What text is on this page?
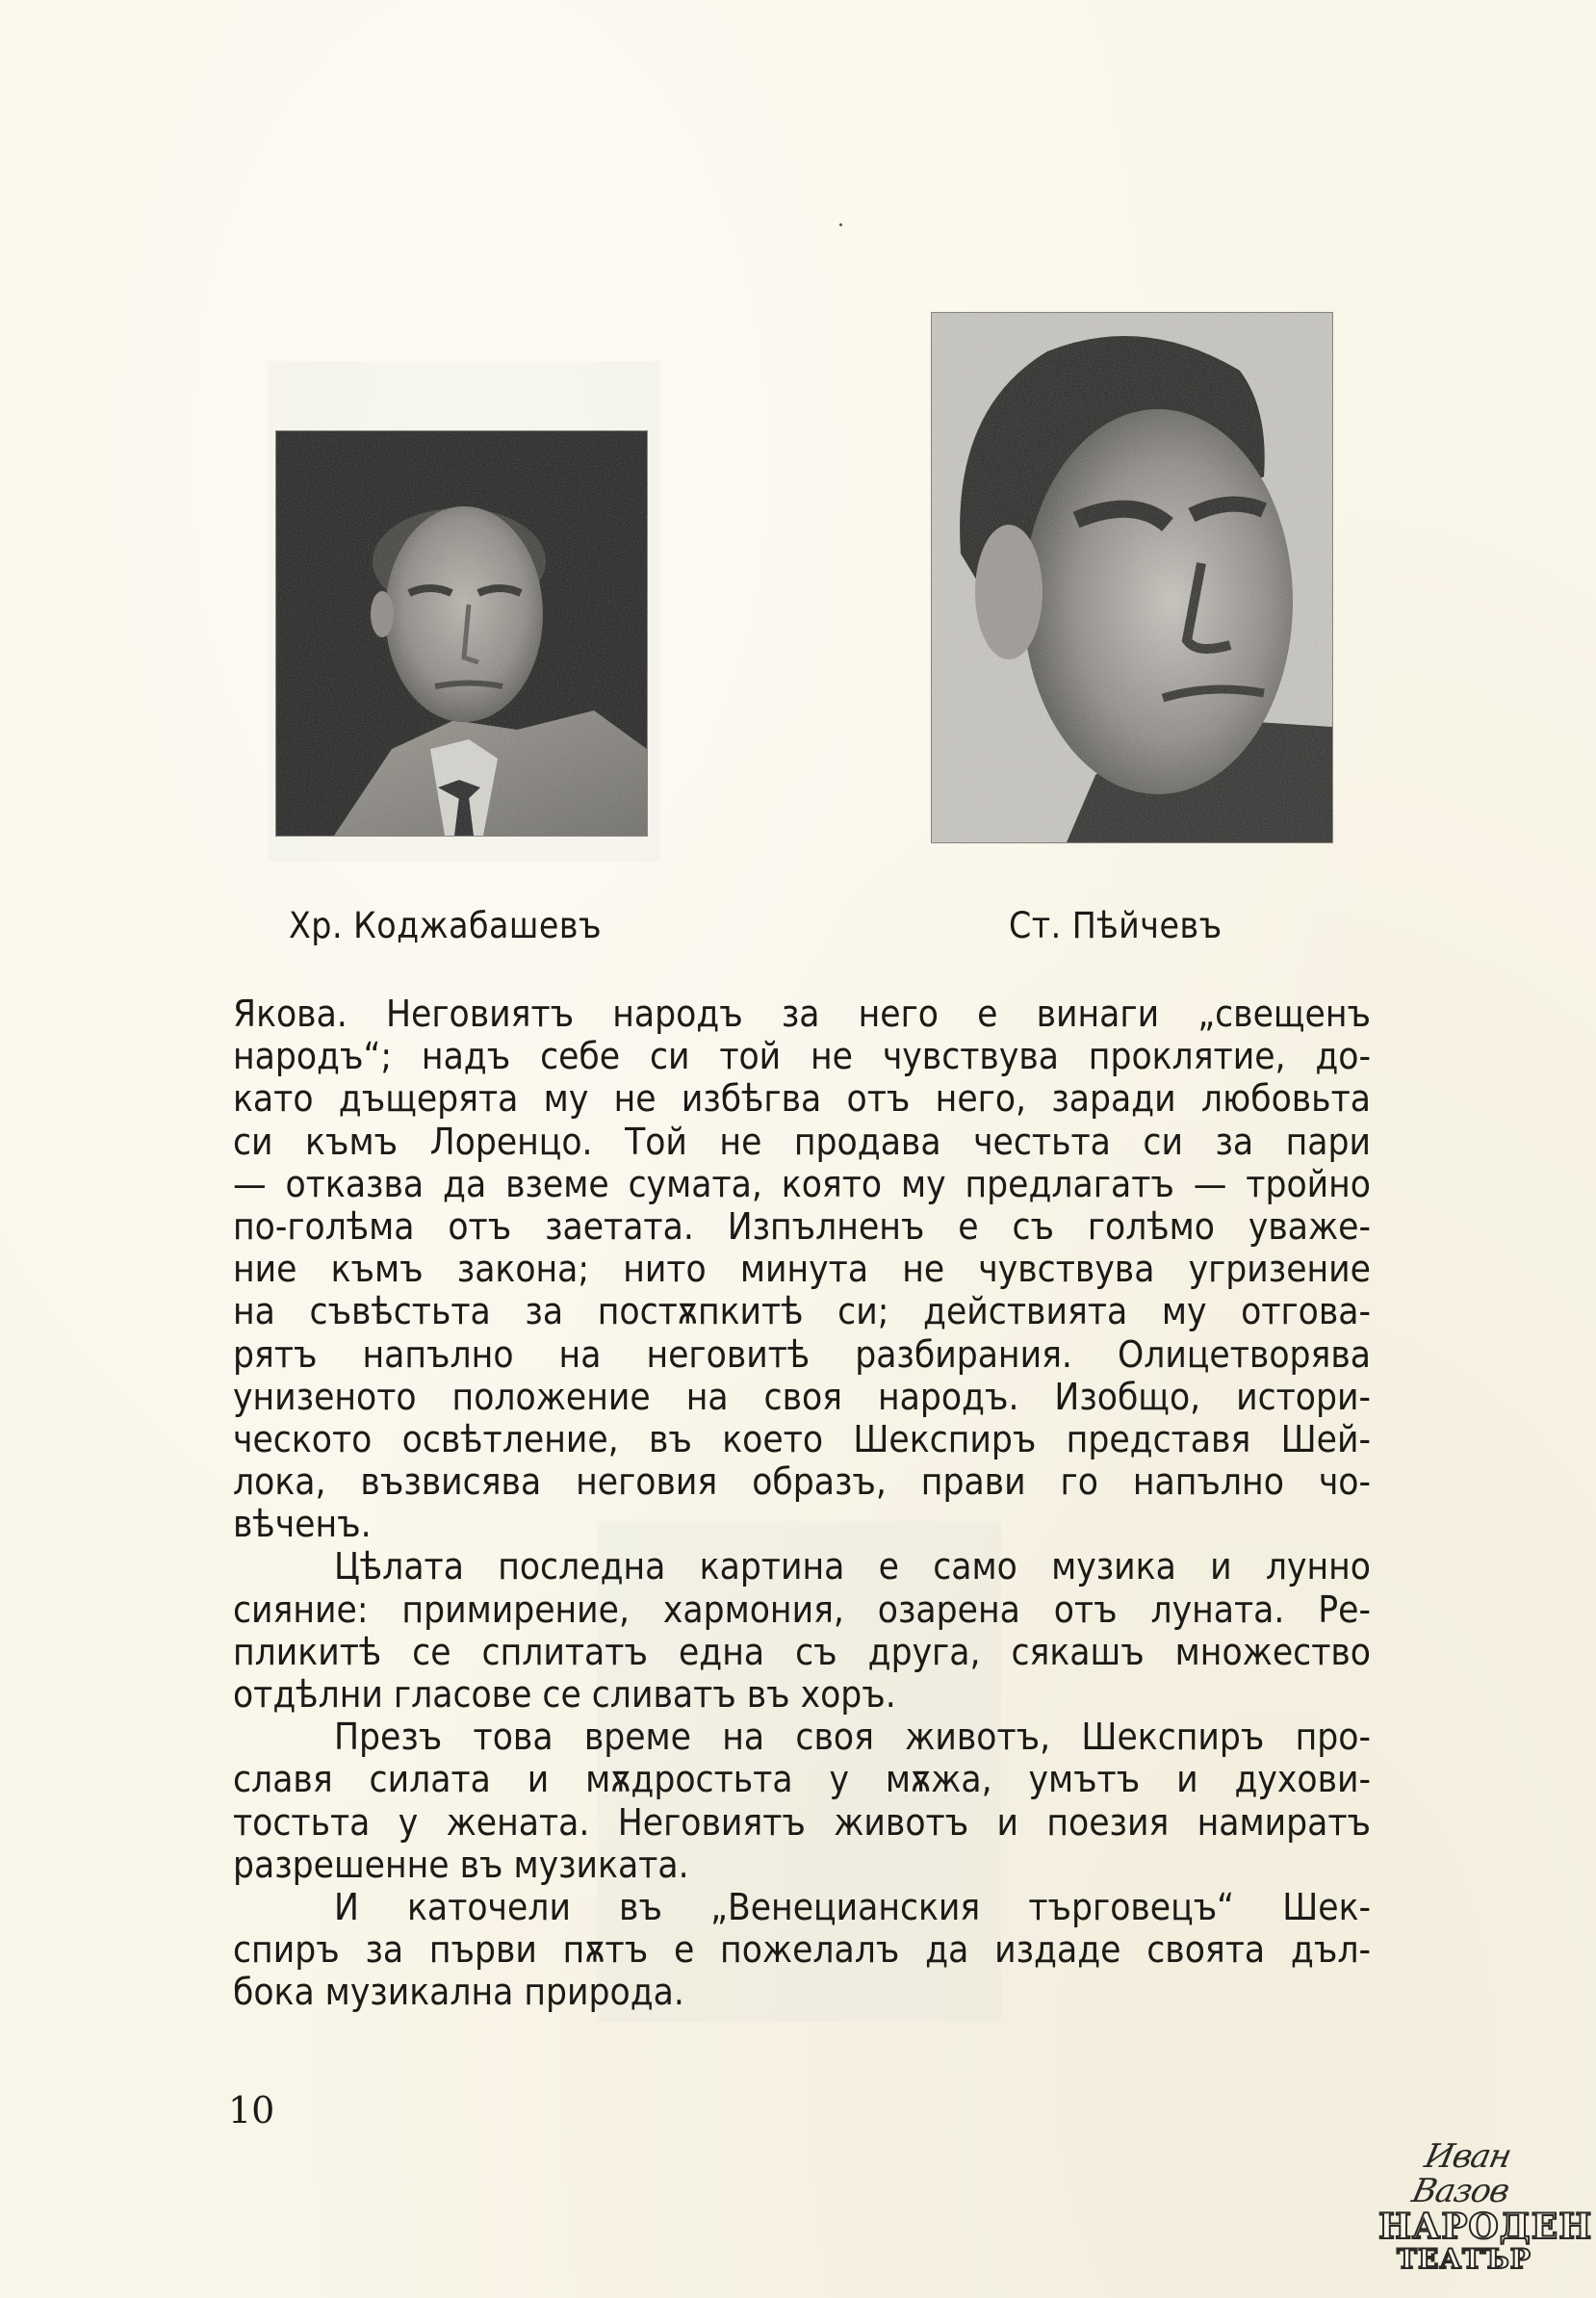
Хр. Коджабашевъ	Ст. Пѣйчевъ
Якова. Неговиятъ народъ за него е винаги „свещенъ
народъ“; надъ себе си той не чувствува проклятие, до-
като дъщерята му не избѣгва отъ него, заради любовьта
си къмъ Лоренцо. Той не продава честьта си за пари
— отказва да вземе сумата, която му предлагатъ — тройно
по-голѣма отъ заетата. Изпълненъ е съ голѣмо уваже-
ние къмъ закона; нито минута не чувствува угризение
на съвѣстьта за постѫпкитѣ си; действията му отгова-
рятъ напълно на неговитѣ разбирания. Олицетворява
унизеното положение на своя народъ. Изобщо, истори-
ческото освѣтление, въ което Шекспиръ представя Шей-
лока, възвисява неговия образъ, прави го напълно чо-
вѣченъ.
Цѣлата последна картина е само музика и лунно
сияние: примирение, хармония, озарена отъ луната. Ре-
пликитѣ се сплитатъ една съ друга, сякашъ множество
отдѣлни гласове се сливатъ въ хоръ.
Презъ това време на своя животъ, Шекспиръ про-
славя силата и мѫдростьта у мѫжа, умътъ и духови-
тостьта у жената. Неговиятъ животъ и поезия намиратъ
разрешенне въ музиката.
И каточели въ „Венецианския търговецъ“ Шек-
спиръ за първи пѫтъ е пожелалъ да издаде своята дъл-
бока музикална природа.
10
Иван Вазов
НАРОДЕН
ТЕАТЪР
